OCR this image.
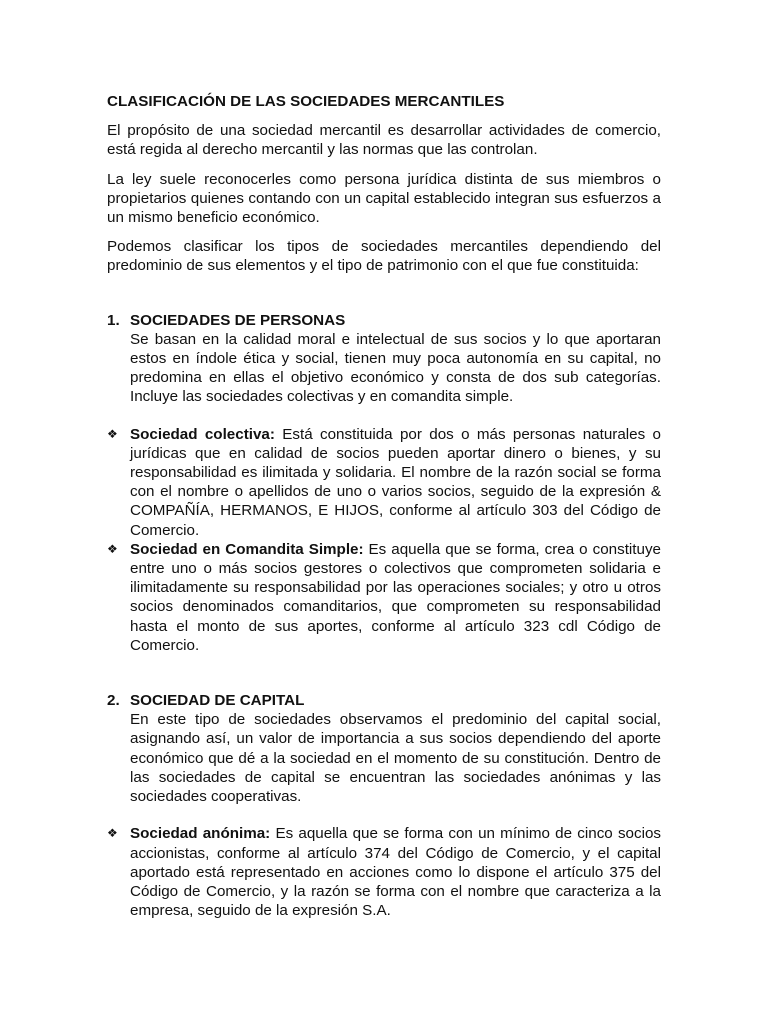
CLASIFICACIÓN DE LAS SOCIEDADES MERCANTILES

El propósito de una sociedad mercantil es desarrollar actividades de comercio, está regida al derecho mercantil y las normas que las controlan.

La ley suele reconocerles como persona jurídica distinta de sus miembros o propietarios quienes contando con un capital establecido integran sus esfuerzos a un mismo beneficio económico.

Podemos clasificar los tipos de sociedades mercantiles dependiendo del predominio de sus elementos y el tipo de patrimonio con el que fue constituida:

1. SOCIEDADES DE PERSONAS
Se basan en la calidad moral e intelectual de sus socios y lo que aportaran estos en índole ética y social, tienen muy poca autonomía en su capital, no predomina en ellas el objetivo económico y consta de dos sub categorías. Incluye las sociedades colectivas y en comandita simple.
❖ Sociedad colectiva: Está constituida por dos o más personas naturales o jurídicas que en calidad de socios pueden aportar dinero o bienes, y su responsabilidad es ilimitada y solidaria. El nombre de la razón social se forma con el nombre o apellidos de uno o varios socios, seguido de la expresión & COMPAÑÍA, HERMANOS, E HIJOS, conforme al artículo 303 del Código de Comercio.
❖ Sociedad en Comandita Simple: Es aquella que se forma, crea o constituye entre uno o más socios gestores o colectivos que comprometen solidaria e ilimitadamente su responsabilidad por las operaciones sociales; y otro u otros socios denominados comanditarios, que comprometen su responsabilidad hasta el monto de sus aportes, conforme al artículo 323 cdl Código de Comercio.
2. SOCIEDAD DE CAPITAL
En este tipo de sociedades observamos el predominio del capital social, asignando así, un valor de importancia a sus socios dependiendo del aporte económico que dé a la sociedad en el momento de su constitución. Dentro de las sociedades de capital se encuentran las sociedades anónimas y las sociedades cooperativas.
❖ Sociedad anónima: Es aquella que se forma con un mínimo de cinco socios accionistas, conforme al artículo 374 del Código de Comercio, y el capital aportado está representado en acciones como lo dispone el artículo 375 del Código de Comercio, y la razón se forma con el nombre que caracteriza a la empresa, seguido de la expresión S.A.
